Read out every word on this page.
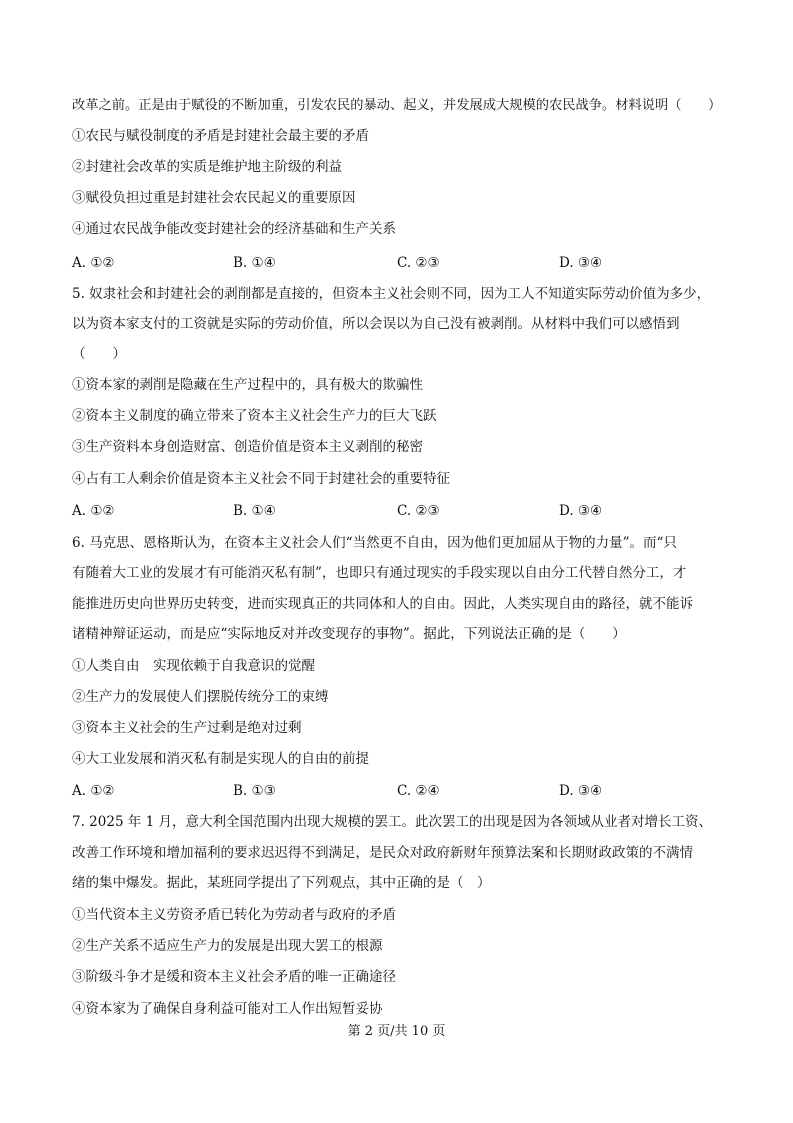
改革之前。正是由于赋役的不断加重，引发农民的暴动、起义，并发展成大规模的农民战争。材料说明（　　）
①农民与赋役制度的矛盾是封建社会最主要的矛盾
②封建社会改革的实质是维护地主阶级的利益
③赋役负担过重是封建社会农民起义的重要原因
④通过农民战争能改变封建社会的经济基础和生产关系
A. ①②	B. ①④	C. ②③	D. ③④
5. 奴隶社会和封建社会的剥削都是直接的，但资本主义社会则不同，因为工人不知道实际劳动价值为多少，
以为资本家支付的工资就是实际的劳动价值，所以会误以为自己没有被剥削。从材料中我们可以感悟到
（　　）
①资本家的剥削是隐藏在生产过程中的，具有极大的欺骗性
②资本主义制度的确立带来了资本主义社会生产力的巨大飞跃
③生产资料本身创造财富、创造价值是资本主义剥削的秘密
④占有工人剩余价值是资本主义社会不同于封建社会的重要特征
A. ①②	B. ①④	C. ②③	D. ③④
6. 马克思、恩格斯认为，在资本主义社会人们“当然更不自由，因为他们更加屈从于物的力量”。而“只
有随着大工业的发展才有可能消灭私有制”，也即只有通过现实的手段实现以自由分工代替自然分工，才
能推进历史向世界历史转变，进而实现真正的共同体和人的自由。因此，人类实现自由的路径，就不能诉
诸精神辩证运动，而是应“实际地反对并改变现存的事物”。据此，下列说法正确的是（　　）
①人类自由　实现依赖于自我意识的觉醒
②生产力的发展使人们摆脱传统分工的束缚
③资本主义社会的生产过剩是绝对过剩
④大工业发展和消灭私有制是实现人的自由的前提
A. ①②	B. ①③	C. ②④	D. ③④
7. 2025 年 1 月，意大利全国范围内出现大规模的罢工。此次罢工的出现是因为各领域从业者对增长工资、
改善工作环境和增加福利的要求迟迟得不到满足，是民众对政府新财年预算法案和长期财政政策的不满情
绪的集中爆发。据此，某班同学提出了下列观点，其中正确的是（　）
①当代资本主义劳资矛盾已转化为劳动者与政府的矛盾
②生产关系不适应生产力的发展是出现大罢工的根源
③阶级斗争才是缓和资本主义社会矛盾的唯一正确途径
④资本家为了确保自身利益可能对工人作出短暂妥协
第 2 页/共 10 页
